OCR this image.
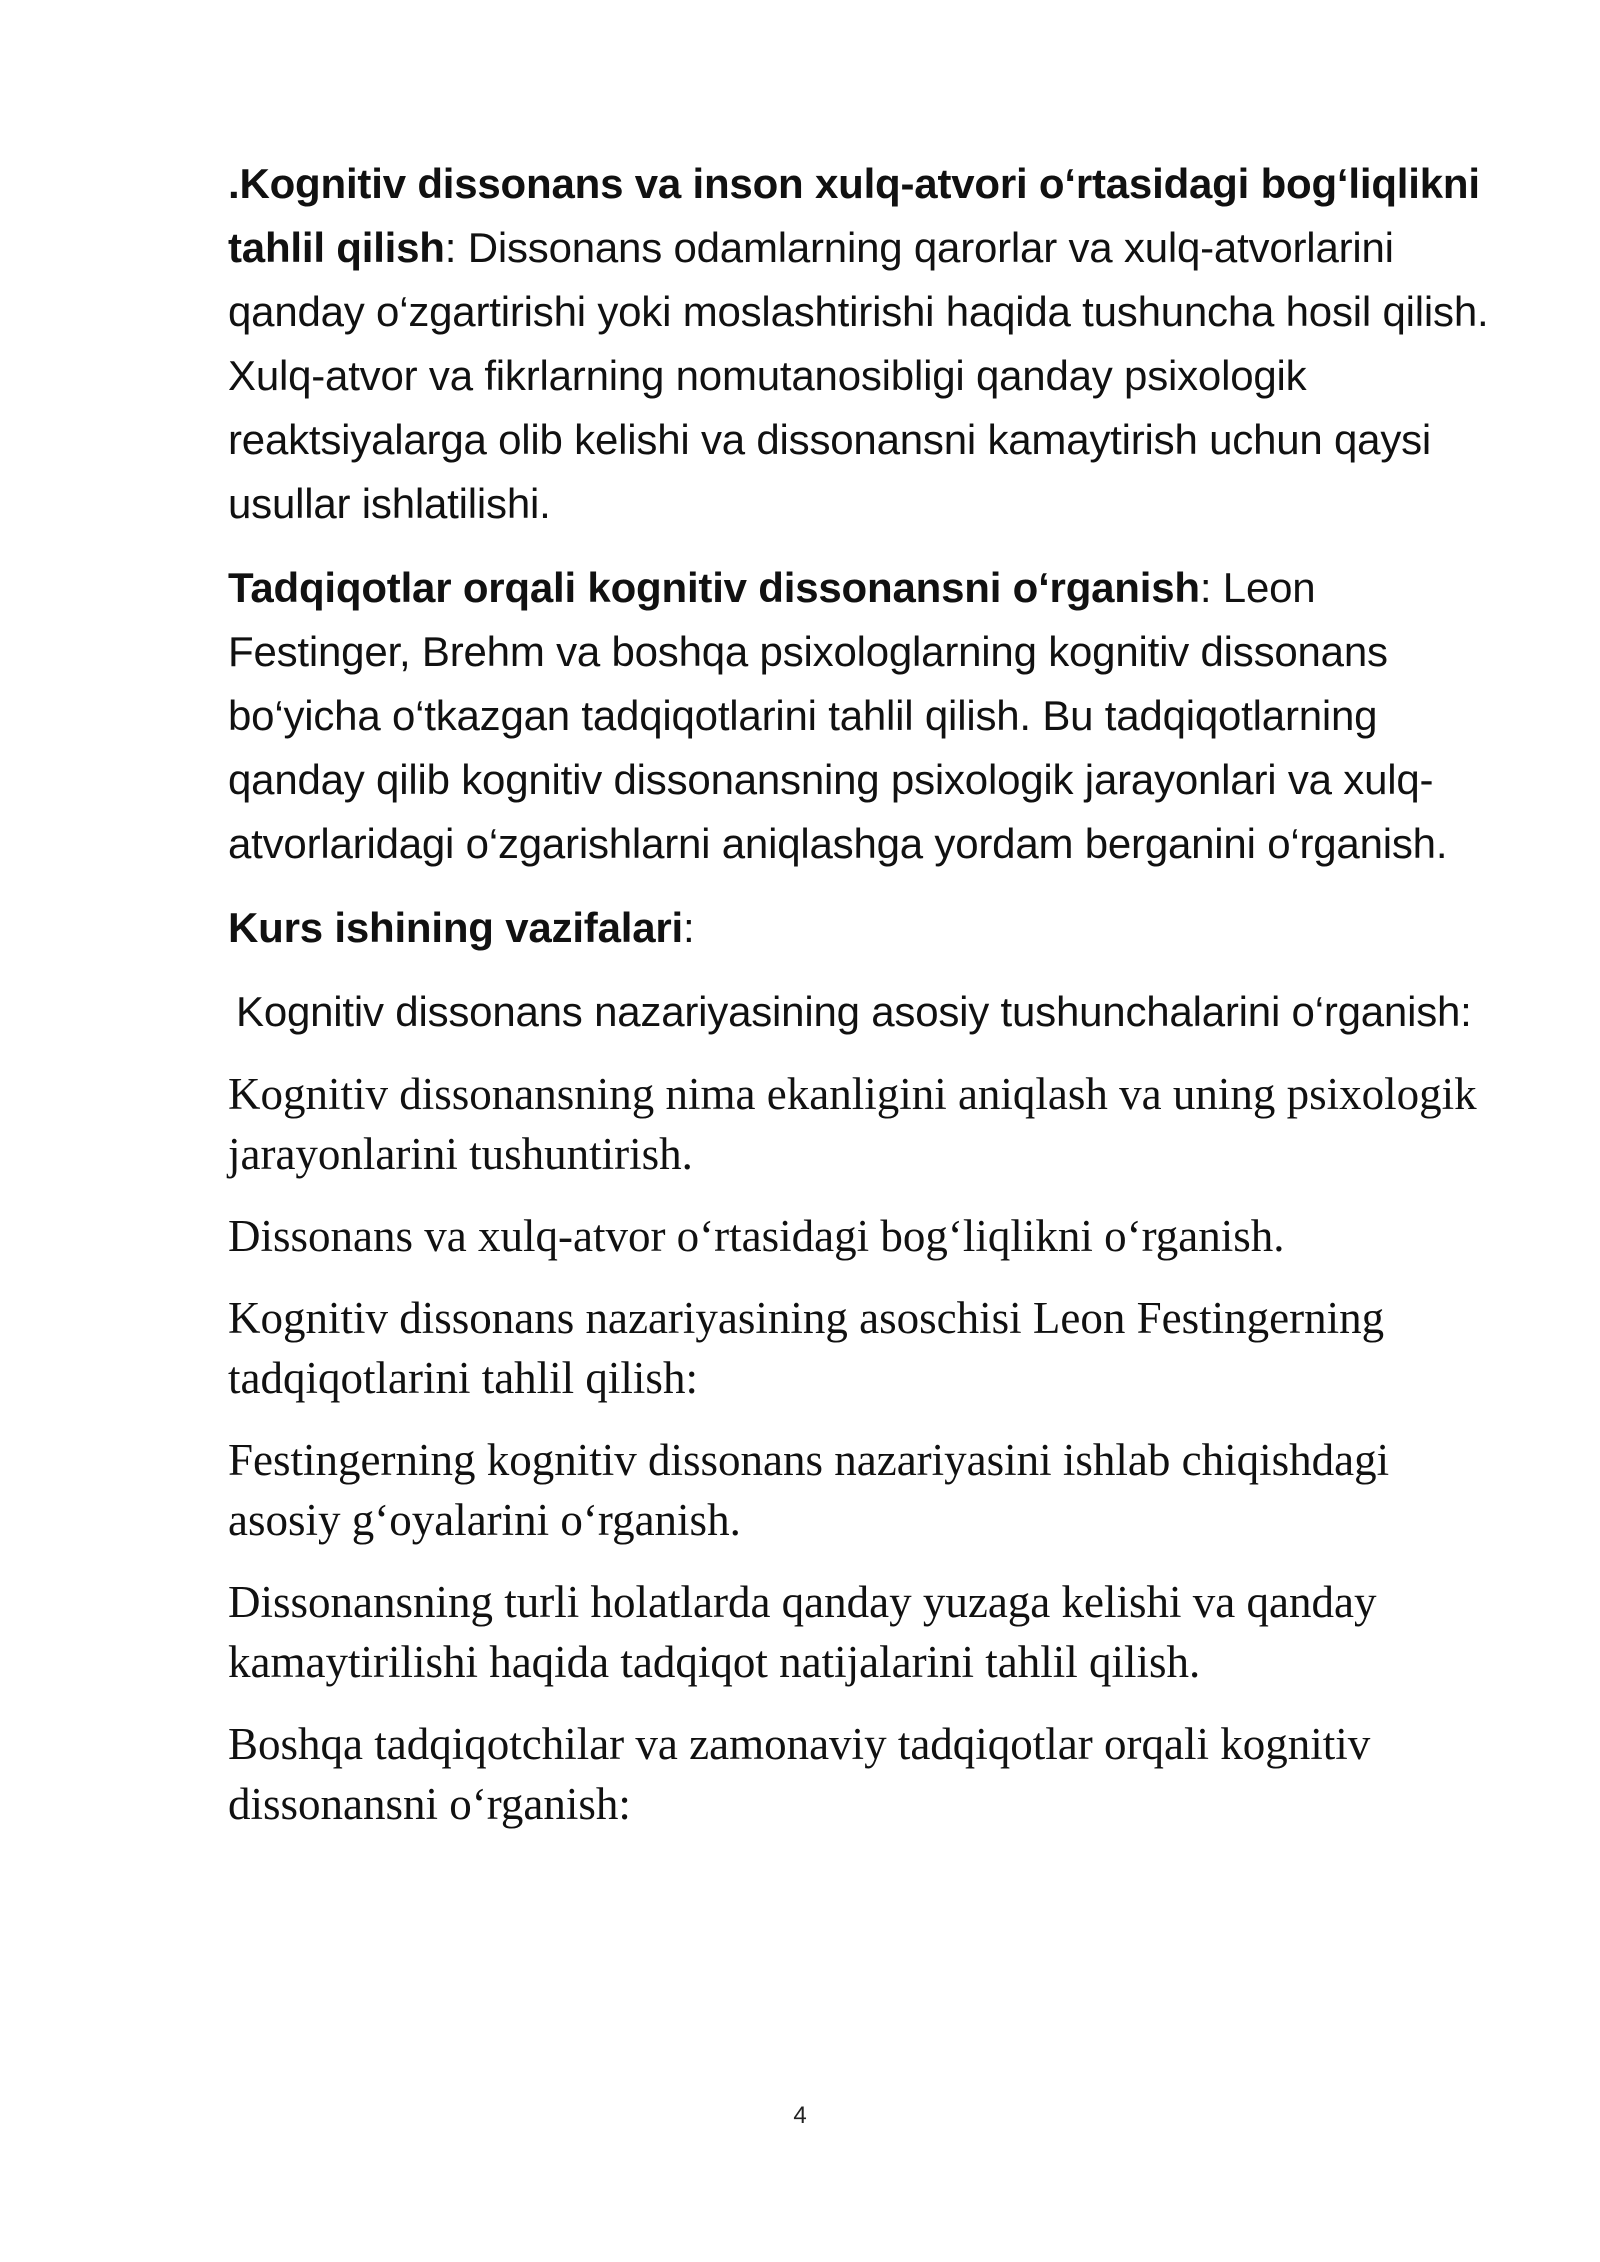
.Kognitiv dissonans va inson xulq-atvori o‘rtasidagi bog‘liqlikni tahlil qilish: Dissonans odamlarning qarorlar va xulq-atvorlarini qanday o‘zgartirishi yoki moslashtirishi haqida tushuncha hosil qilish. Xulq-atvor va fikrlarning nomutanosibligi qanday psixologik reaktsiyalarga olib kelishi va dissonansni kamaytirish uchun qaysi usullar ishlatilishi.

Tadqiqotlar orqali kognitiv dissonansni o‘rganish: Leon Festinger, Brehm va boshqa psixologlarning kognitiv dissonans bo‘yicha o‘tkazgan tadqiqotlarini tahlil qilish. Bu tadqiqotlarning qanday qilib kognitiv dissonansning psixologik jarayonlari va xulq-atvorlaridagi o‘zgarishlarni aniqlashga yordam berganini o‘rganish.

Kurs ishining vazifalari:

Kognitiv dissonans nazariyasining asosiy tushunchalarini o‘rganish:

Kognitiv dissonansning nima ekanligini aniqlash va uning psixologik jarayonlarini tushuntirish.

Dissonans va xulq-atvor o‘rtasidagi bog‘liqlikni o‘rganish.

Kognitiv dissonans nazariyasining asoschisi Leon Festingerning tadqiqotlarini tahlil qilish:

Festingerning kognitiv dissonans nazariyasini ishlab chiqishdagi asosiy g‘oyalarini o‘rganish.

Dissonansning turli holatlarda qanday yuzaga kelishi va qanday kamaytirilishi haqida tadqiqot natijalarini tahlil qilish.

Boshqa tadqiqotchilar va zamonaviy tadqiqotlar orqali kognitiv dissonansni o‘rganish:

4
